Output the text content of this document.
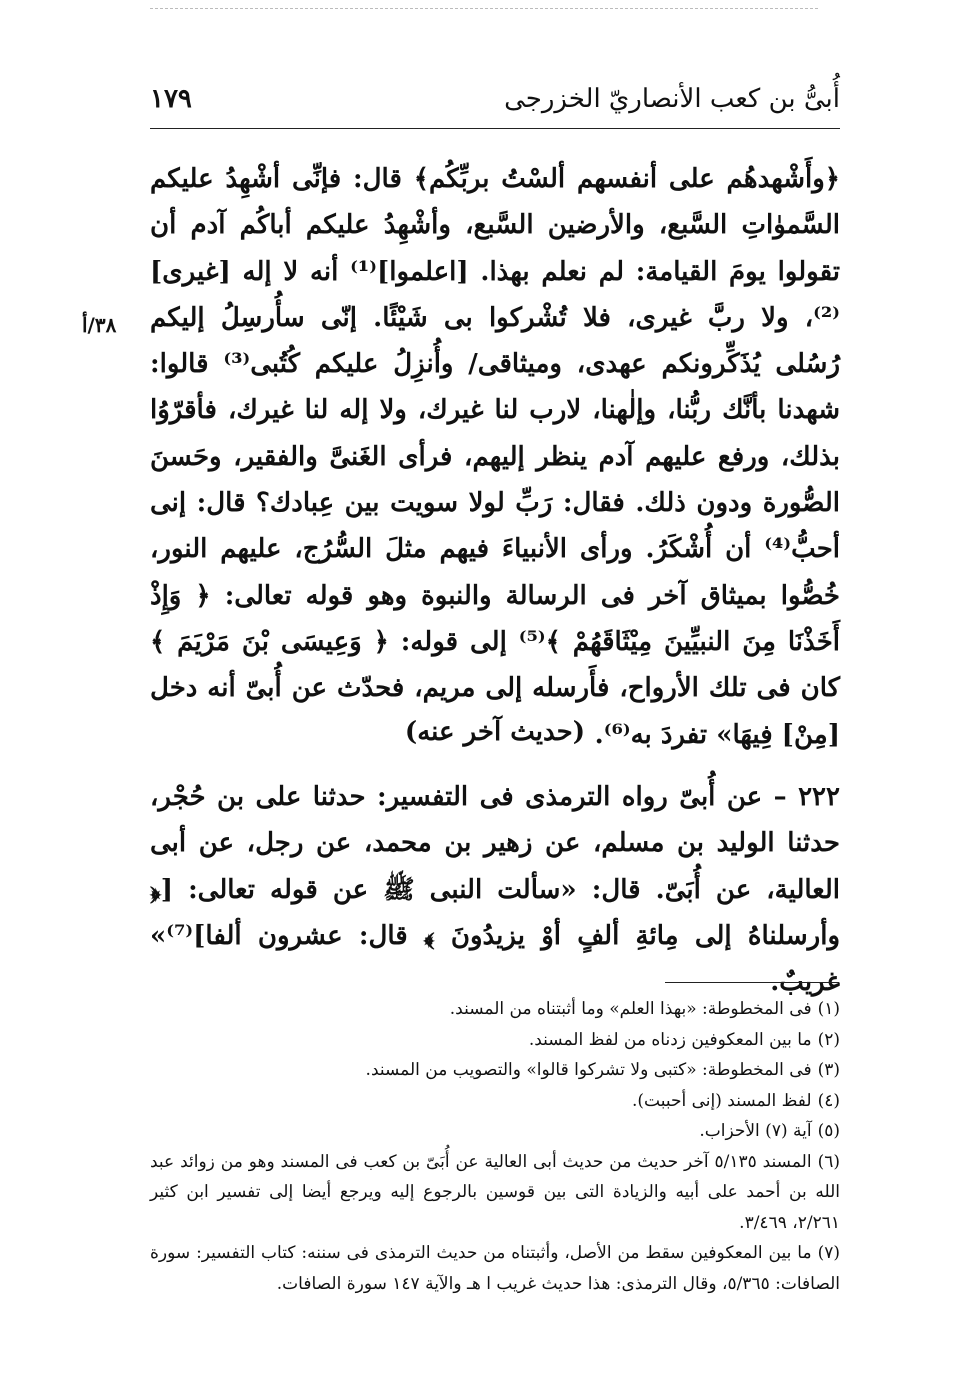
أُبىُّ بن كعب الأنصاريّ الخزرجى
١٧٩
٣٨/أ

﴿وأَشْهدهُم على أنفسهم ألسْتُ بربِّكُم﴾ قال: فإنِّى أشْهِدُ عليكم السَّموٰاتِ السَّبع، والأرضين السَّبع، وأشْهِدُ عليكم أباكُم آدم أن تقولوا يومَ القيامة: لم نعلم بهذا. [اعلموا]⁽¹⁾ أنه لا إله [غيرى]⁽²⁾، ولا ربَّ غيرى، فلا تُشْركوا بى شَيْئًا. إنّى سأُرسِلُ إليكم رُسُلى يُذَكِّرونكم عهدى، وميثاقى/ وأُنزِلُ عليكم كُتُبى⁽³⁾ قالوا: شهدنا بأنَّك ربُّنا، وإلٰهنا، لارب لنا غيرك، ولا إله لنا غيرك، فأقرّوُا بذلك، ورفع عليهم آدم ينظر إليهم، فرأى الغَنىَّ والفقير، وحَسنَ الصُّورة ودون ذلك. فقال: رَبِّ لولا سويت بين عِبادك؟ قال: إنى أحبُّ⁽⁴⁾ أن أُشْكَرُ. ورأى الأنبياءَ فيهم مثلَ السُّرُج، عليهم النور، خُصُّوا بميثاق آخر فى الرسالة والنبوة وهو قوله تعالى: ﴿ وَإِذْ أَخَذْنَا مِنَ النبيِّينَ مِيْثَاقَهُمْ ﴾⁽⁵⁾ إلى قوله: ﴿ وَعِيسَى بْنَ مَرْيَمَ ﴾ كان فى تلك الأرواح، فأَرسله إلى مريم، فحدّث عن أُبىّ أنه دخل [مِنْ] فِيهَا» تفردَ به⁽⁶⁾.

(حديث آخر عنه)

٢٢٢ – عن أُبىّ رواه الترمذى فى التفسير: حدثنا على بن حُجْر، حدثنا الوليد بن مسلم، عن زهير بن محمد، عن رجل، عن أبى العالية، عن أُبَىّ. قال: «سألت النبى ﷺ عن قوله تعالى: [﴿ وأرسلناهُ إلى مِائةِ ألفٍ أوْ يزيدُونَ ﴾ قال: عشرون ألفا]⁽⁷⁾» غريبٌ.

(١)فى المخطوطة: «بهذا العلم» وما أثبتناه من المسند.

(٢)ما بين المعكوفين زدناه من لفظ المسند.

(٣)فى المخطوطة: «كتبى ولا تشركوا قالوا» والتصويب من المسند.

(٤)لفظ المسند (إنى أحببت).

(٥)آية (٧) الأحزاب.

(٦)المسند ٥/١٣٥ آخر حديث من حديث أبى العالية عن أُبَىّ بن كعب فى المسند وهو من زوائد عبد الله بن أحمد على أبيه والزيادة التى بين قوسين بالرجوع إليه ويرجع أيضا إلى تفسير ابن كثير ٢/٢٦١، ٣/٤٦٩.

(٧)ما بين المعكوفين سقط من الأصل، وأثبتناه من حديث الترمذى فى سننه: كتاب التفسير: سورة الصافات: ٥/٣٦٥، وقال الترمذى: هذا حديث غريب ا هـ والآية ١٤٧ سورة الصافات.
